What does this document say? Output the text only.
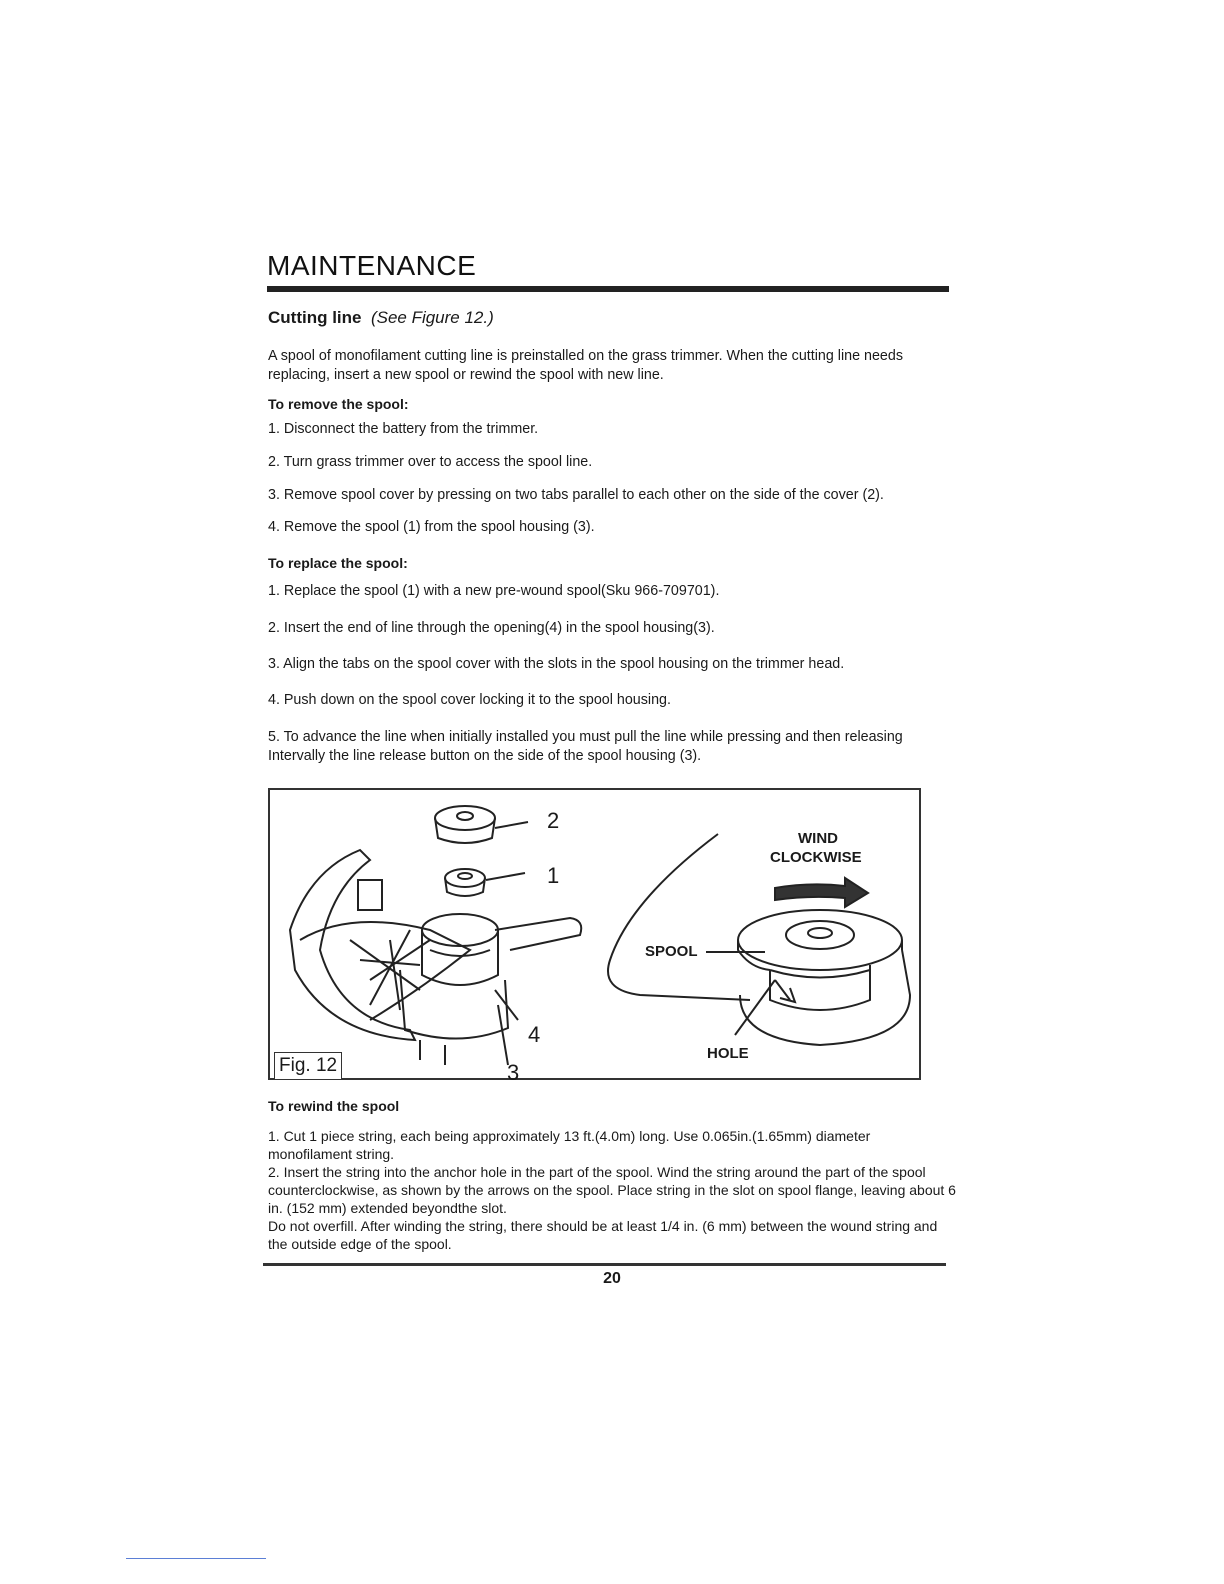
MAINTENANCE
Cutting line (See Figure 12.)
A spool of monofilament cutting line is preinstalled on the grass trimmer. When the cutting line needs replacing, insert a new spool or rewind the spool with new line.
To remove the spool:
1. Disconnect the battery from the trimmer.
2. Turn grass trimmer over to access the spool line.
3. Remove spool cover by pressing on two tabs parallel to each other on the side of the cover (2).
4. Remove the spool (1) from the spool housing (3).
To replace the spool:
1. Replace the spool (1) with a new pre-wound spool(Sku 966-709701).
2. Insert the end of line through the opening(4) in the spool housing(3).
3. Align the tabs on the spool cover with the slots in the spool housing on the trimmer head.
4. Push down on the spool cover locking it to the spool housing.
5. To advance the line when initially installed you must pull the line while pressing and then releasing Intervally the line release button on the side of the spool housing (3).
2
1
4
3
WIND
CLOCKWISE
SPOOL
HOLE
Fig. 12
To rewind the spool
1. Cut 1 piece string, each being approximately 13 ft.(4.0m) long. Use 0.065in.(1.65mm) diameter monofilament string.
2. Insert the string into the anchor hole in the part of the spool. Wind the string around the part of the spool counterclockwise, as shown by the arrows on the spool. Place string in the slot on spool flange, leaving about 6 in. (152 mm) extended beyondthe slot.
Do not overfill. After winding the string, there should be at least 1/4 in. (6 mm) between the wound string and the outside edge of the spool.
20
